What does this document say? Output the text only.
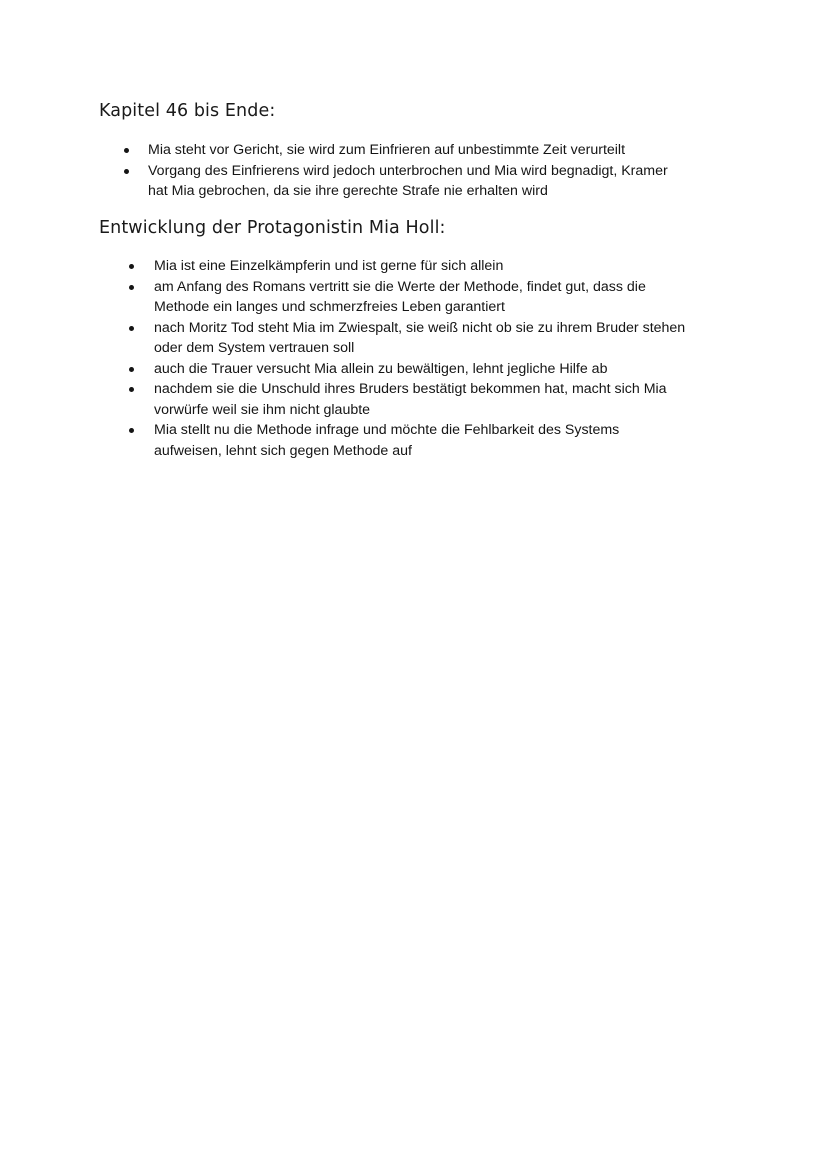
Kapitel 46 bis Ende:
Mia steht vor Gericht, sie wird zum Einfrieren auf unbestimmte Zeit verurteilt
Vorgang des Einfrierens wird jedoch unterbrochen und Mia wird begnadigt, Kramer
hat Mia gebrochen, da sie ihre gerechte Strafe nie erhalten wird
Entwicklung der Protagonistin Mia Holl:
Mia ist eine Einzelkämpferin und ist gerne für sich allein
am Anfang des Romans vertritt sie die Werte der Methode, findet gut, dass die
Methode ein langes und schmerzfreies Leben garantiert
nach Moritz Tod steht Mia im Zwiespalt, sie weiß nicht ob sie zu ihrem Bruder stehen
oder dem System vertrauen soll
auch die Trauer versucht Mia allein zu bewältigen, lehnt jegliche Hilfe ab
nachdem sie die Unschuld ihres Bruders bestätigt bekommen hat, macht sich Mia
vorwürfe weil sie ihm nicht glaubte
Mia stellt nu die Methode infrage und möchte die Fehlbarkeit des Systems
aufweisen, lehnt sich gegen Methode auf
